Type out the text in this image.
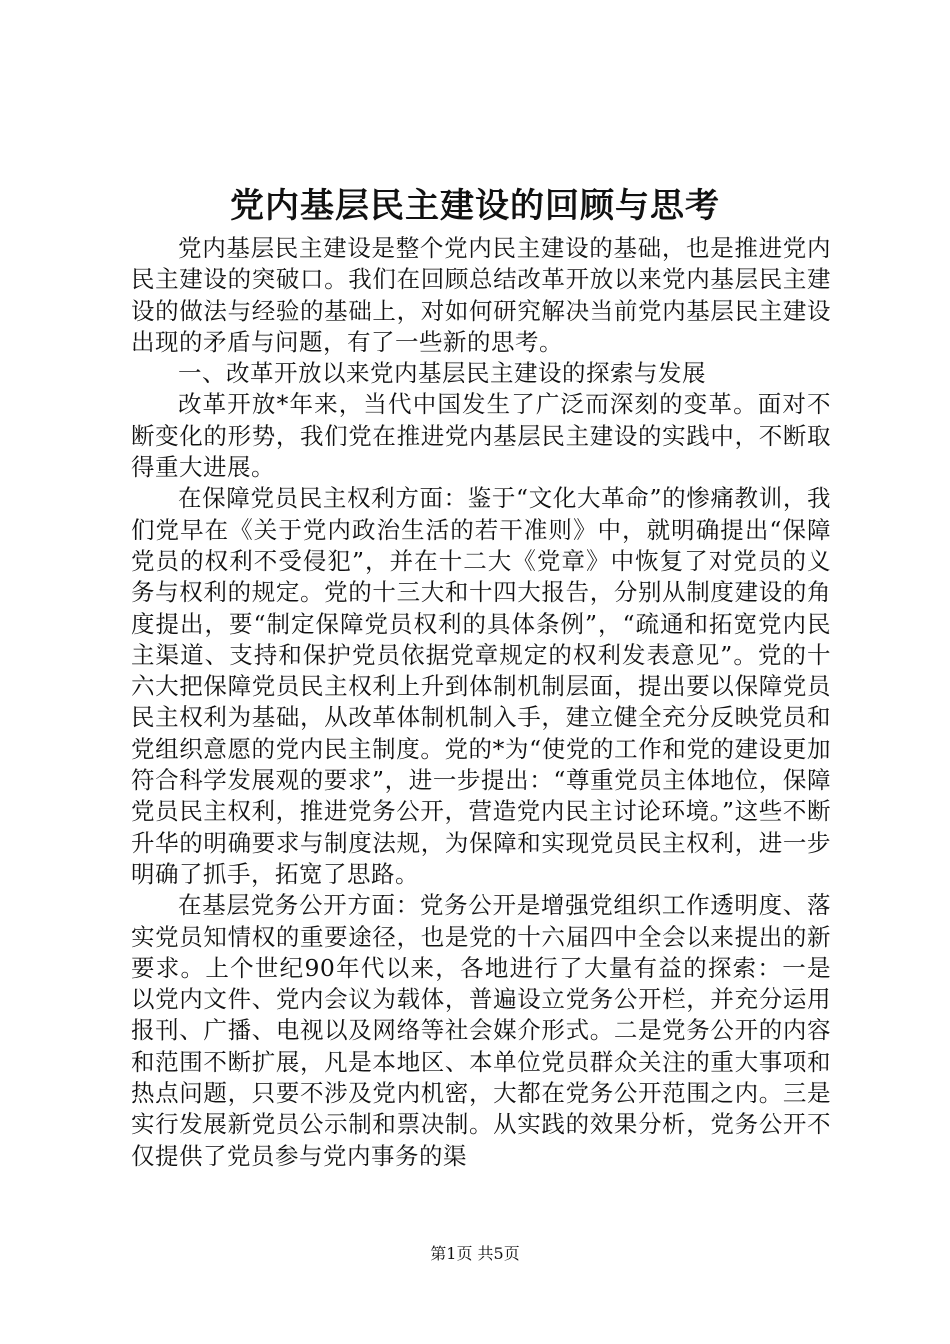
党内基层民主建设的回顾与思考

党内基层民主建设是整个党内民主建设的基础，也是推进党内民主建设的突破口。我们在回顾总结改革开放以来党内基层民主建设的做法与经验的基础上，对如何研究解决当前党内基层民主建设出现的矛盾与问题，有了一些新的思考。

一、改革开放以来党内基层民主建设的探索与发展

改革开放*年来，当代中国发生了广泛而深刻的变革。面对不断变化的形势，我们党在推进党内基层民主建设的实践中，不断取得重大进展。

在保障党员民主权利方面：鉴于“文化大革命”的惨痛教训，我们党早在《关于党内政治生活的若干准则》中，就明确提出“保障党员的权利不受侵犯”，并在十二大《党章》中恢复了对党员的义务与权利的规定。党的十三大和十四大报告，分别从制度建设的角度提出，要“制定保障党员权利的具体条例”，“疏通和拓宽党内民主渠道、支持和保护党员依据党章规定的权利发表意见”。党的十六大把保障党员民主权利上升到体制机制层面，提出要以保障党员民主权利为基础，从改革体制机制入手，建立健全充分反映党员和党组织意愿的党内民主制度。党的*为“使党的工作和党的建设更加符合科学发展观的要求”，进一步提出：“尊重党员主体地位，保障党员民主权利，推进党务公开，营造党内民主讨论环境。”这些不断升华的明确要求与制度法规，为保障和实现党员民主权利，进一步明确了抓手，拓宽了思路。

在基层党务公开方面：党务公开是增强党组织工作透明度、落实党员知情权的重要途径，也是党的十六届四中全会以来提出的新要求。上个世纪90年代以来，各地进行了大量有益的探索：一是以党内文件、党内会议为载体，普遍设立党务公开栏，并充分运用报刊、广播、电视以及网络等社会媒介形式。二是党务公开的内容和范围不断扩展，凡是本地区、本单位党员群众关注的重大事项和热点问题，只要不涉及党内机密，大都在党务公开范围之内。三是实行发展新党员公示制和票决制。从实践的效果分析，党务公开不仅提供了党员参与党内事务的渠

第1页 共5页
